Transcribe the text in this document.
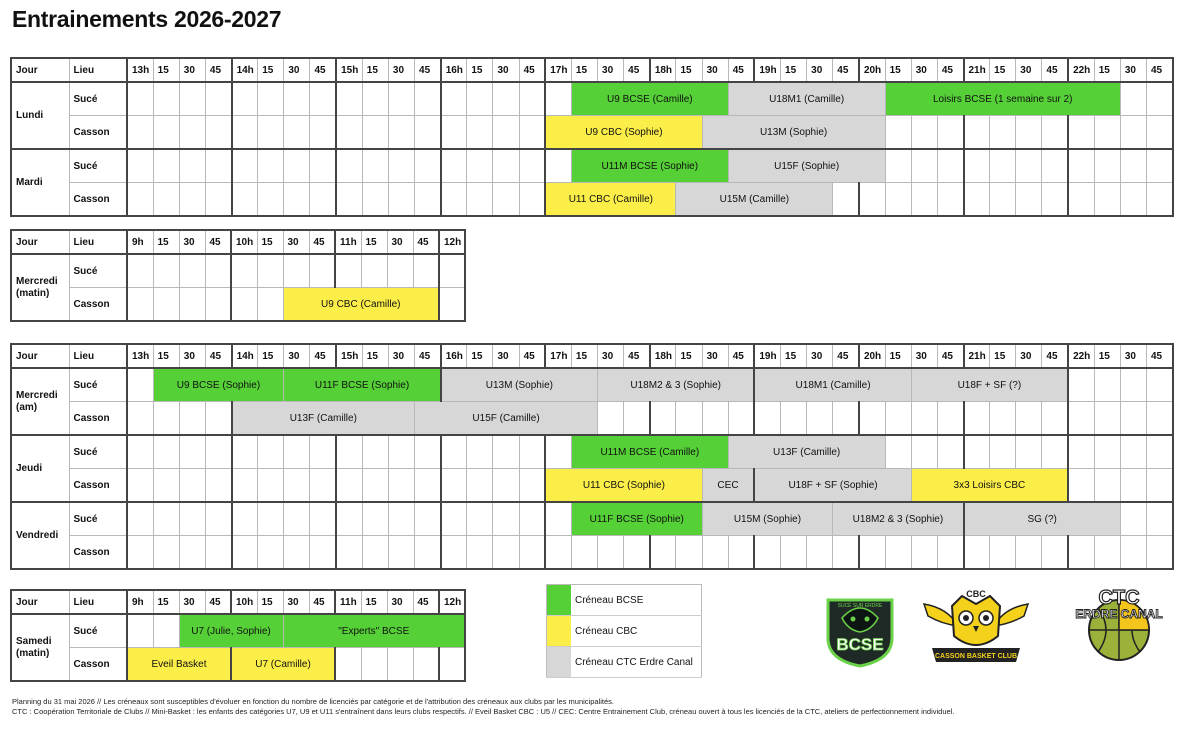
Entrainements 2026-2027
Jour	Lieu	13h	15	30	45	14h	15	30	45	15h	15	30	45	16h	15	30	45	17h	15	30	45	18h	15	30	45	19h	15	30	45	20h	15	30	45	21h	15	30	45	22h	15	30	45
Lundi	Sucé																		U9 BCSE (Camille)						U18M1 (Camille)						Loisirs BCSE (1 semaine sur 2)										
	Casson																	U9 CBC (Sophie)						U13M (Sophie)																	
Mardi	Sucé																		U11M BCSE (Sophie)						U15F (Sophie)																
	Casson																	U11 CBC (Camille)					U15M (Camille)																		
Jour	Lieu	9h	15	30	45	10h	15	30	45	11h	15	30	45	12h
Mercredi (matin)	Sucé													
	Casson							U9 CBC (Camille)						
Jour	Lieu	13h	15	30	45	14h	15	30	45	15h	15	30	45	16h	15	30	45	17h	15	30	45	18h	15	30	45	19h	15	30	45	20h	15	30	45	21h	15	30	45	22h	15	30	45
Mercredi (am)	Sucé		U9 BCSE (Sophie)					U11F BCSE (Sophie)						U13M (Sophie)						U18M2 & 3 (Sophie)						U18M1 (Camille)						U18F + SF (?)									
	Casson					U13F (Camille)							U15F (Camille)																												
Jeudi	Sucé																		U11M BCSE (Camille)						U13F (Camille)																
	Casson																	U11 CBC (Sophie)						CEC		U18F + SF (Sophie)						3x3 Loisirs CBC									
Vendredi	Sucé																		U11F BCSE (Sophie)					U15M (Sophie)					U18M2 & 3 (Sophie)					SG (?)							
	Casson																																								
Jour	Lieu	9h	15	30	45	10h	15	30	45	11h	15	30	45	12h
Samedi (matin)	Sucé			U7 (Julie, Sophie)				"Experts" BCSE						
	Casson	Eveil Basket				U7 (Camille)								
	Créneau BCSE
	Créneau CBC
	Créneau CTC Erdre Canal
SUCÉ SUR ERDRE
BCSE
CBC
CASSON BASKET CLUB
CTC
ERDRE CANAL

Planning du 31 mai 2026 // Les créneaux sont susceptibles d'évoluer en fonction du nombre de licenciés par catégorie et de l'attribution des créneaux aux clubs par les municipalités.

CTC : Coopération Territoriale de Clubs // Mini-Basket : les enfants des catégories U7, U9 et U11 s'entraînent dans leurs clubs respectifs. // Eveil Basket CBC : U5 // CEC: Centre Entrainement Club, créneau ouvert à tous les licenciés de la CTC, ateliers de perfectionnement individuel.
